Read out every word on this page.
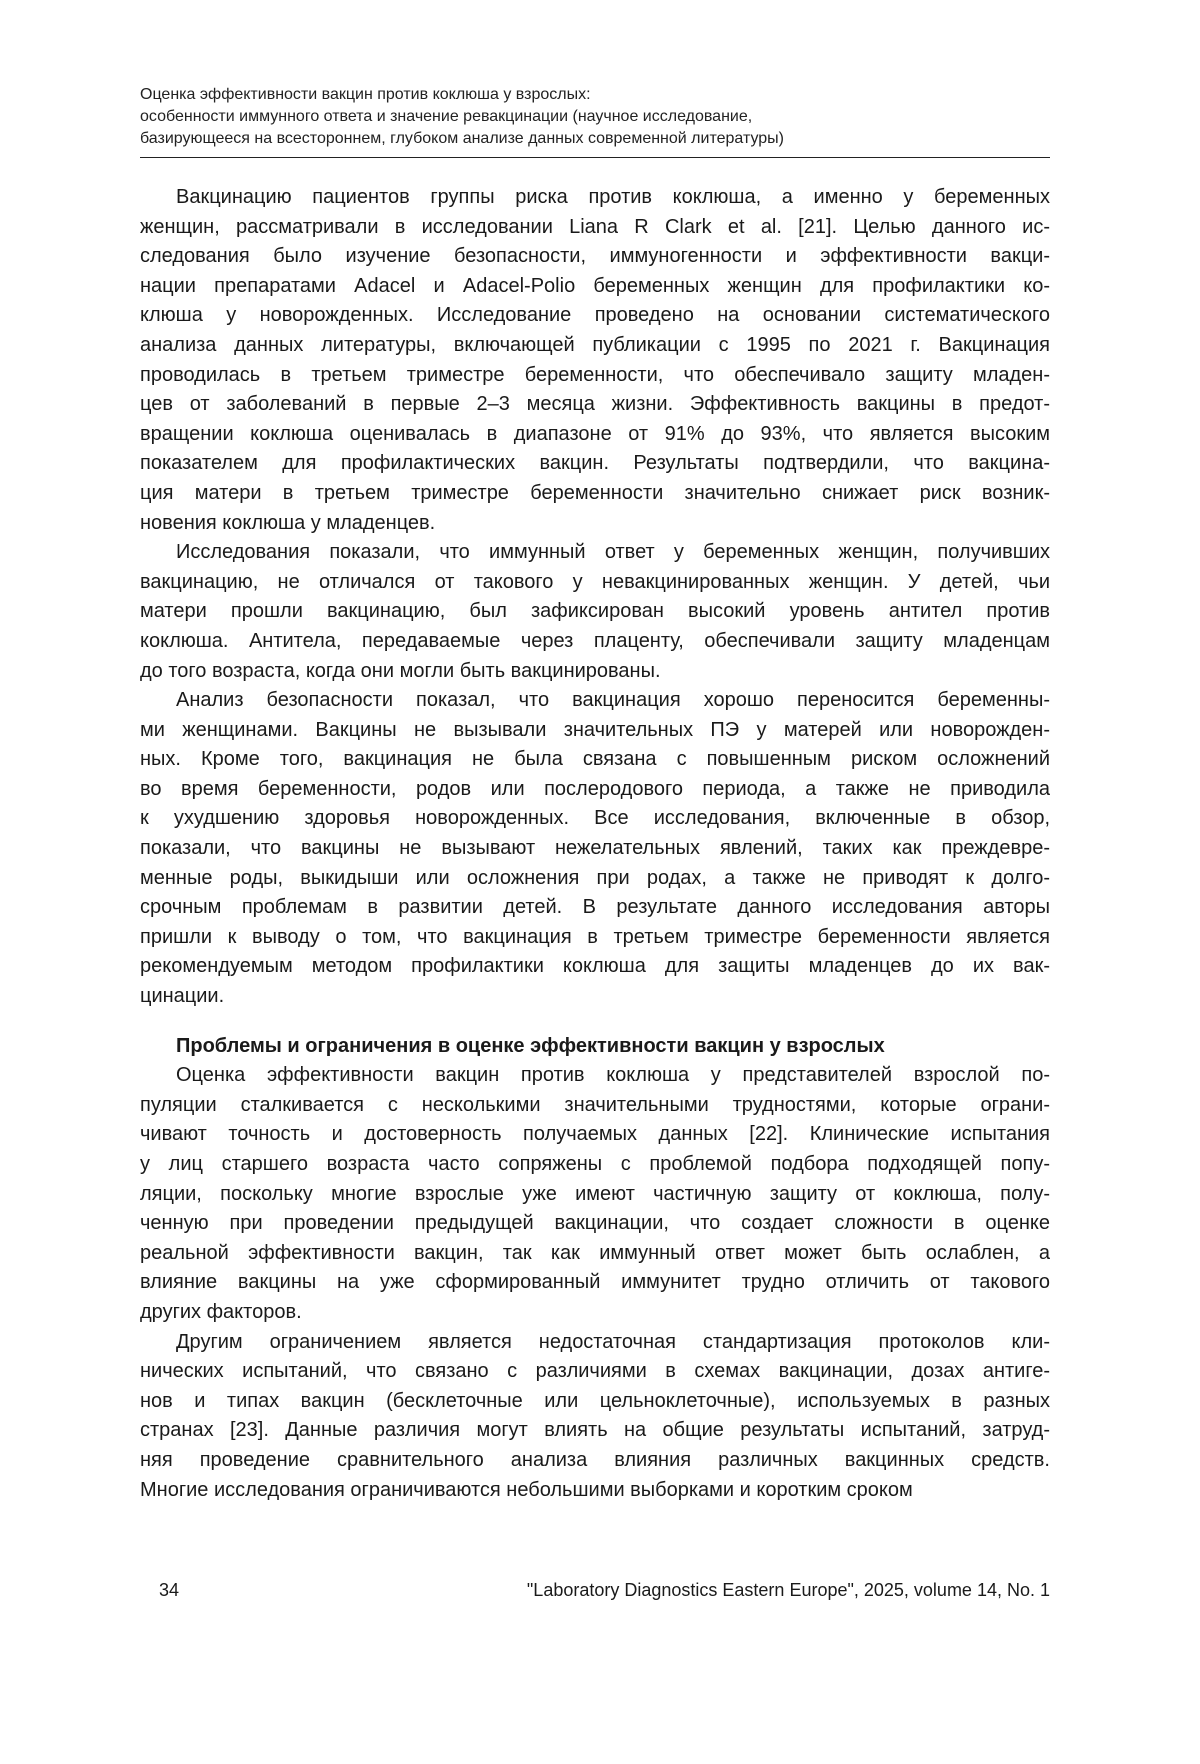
Оценка эффективности вакцин против коклюша у взрослых:
особенности иммунного ответа и значение ревакцинации (научное исследование,
базирующееся на всестороннем, глубоком анализе данных современной литературы)

Вакцинацию пациентов группы риска против коклюша, а именно у беременных
женщин, рассматривали в исследовании Liana R Clark et al. [21]. Целью данного ис-
следования было изучение безопасности, иммуногенности и эффективности вакци-
нации препаратами Adacel и Adacel-Polio беременных женщин для профилактики ко-
клюша у новорожденных. Исследование проведено на основании систематического
анализа данных литературы, включающей публикации с 1995 по 2021 г. Вакцинация
проводилась в третьем триместре беременности, что обеспечивало защиту младен-
цев от заболеваний в первые 2–3 месяца жизни. Эффективность вакцины в предот-
вращении коклюша оценивалась в диапазоне от 91% до 93%, что является высоким
показателем для профилактических вакцин. Результаты подтвердили, что вакцина-
ция матери в третьем триместре беременности значительно снижает риск возник-
новения коклюша у младенцев.

Исследования показали, что иммунный ответ у беременных женщин, получивших
вакцинацию, не отличался от такового у невакцинированных женщин. У детей, чьи
матери прошли вакцинацию, был зафиксирован высокий уровень антител против
коклюша. Антитела, передаваемые через плаценту, обеспечивали защиту младенцам
до того возраста, когда они могли быть вакцинированы.

Анализ безопасности показал, что вакцинация хорошо переносится беременны-
ми женщинами. Вакцины не вызывали значительных ПЭ у матерей или новорожден-
ных. Кроме того, вакцинация не была связана с повышенным риском осложнений
во время беременности, родов или послеродового периода, а также не приводила
к ухудшению здоровья новорожденных. Все исследования, включенные в обзор,
показали, что вакцины не вызывают нежелательных явлений, таких как преждевре-
менные роды, выкидыши или осложнения при родах, а также не приводят к долго-
срочным проблемам в развитии детей. В результате данного исследования авторы
пришли к выводу о том, что вакцинация в третьем триместре беременности является
рекомендуемым методом профилактики коклюша для защиты младенцев до их вак-
цинации.

Проблемы и ограничения в оценке эффективности вакцин у взрослых

Оценка эффективности вакцин против коклюша у представителей взрослой по-
пуляции сталкивается с несколькими значительными трудностями, которые ограни-
чивают точность и достоверность получаемых данных [22]. Клинические испытания
у лиц старшего возраста часто сопряжены с проблемой подбора подходящей попу-
ляции, поскольку многие взрослые уже имеют частичную защиту от коклюша, полу-
ченную при проведении предыдущей вакцинации, что создает сложности в оценке
реальной эффективности вакцин, так как иммунный ответ может быть ослаблен, а
влияние вакцины на уже сформированный иммунитет трудно отличить от такового
других факторов.

Другим ограничением является недостаточная стандартизация протоколов кли-
нических испытаний, что связано с различиями в схемах вакцинации, дозах антиге-
нов и типах вакцин (бесклеточные или цельноклеточные), используемых в разных
странах [23]. Данные различия могут влиять на общие результаты испытаний, затруд-
няя проведение сравнительного анализа влияния различных вакцинных средств.
Многие исследования ограничиваются небольшими выборками и коротким сроком

34	"Laboratory Diagnostics Eastern Europe", 2025, volume 14, No. 1
